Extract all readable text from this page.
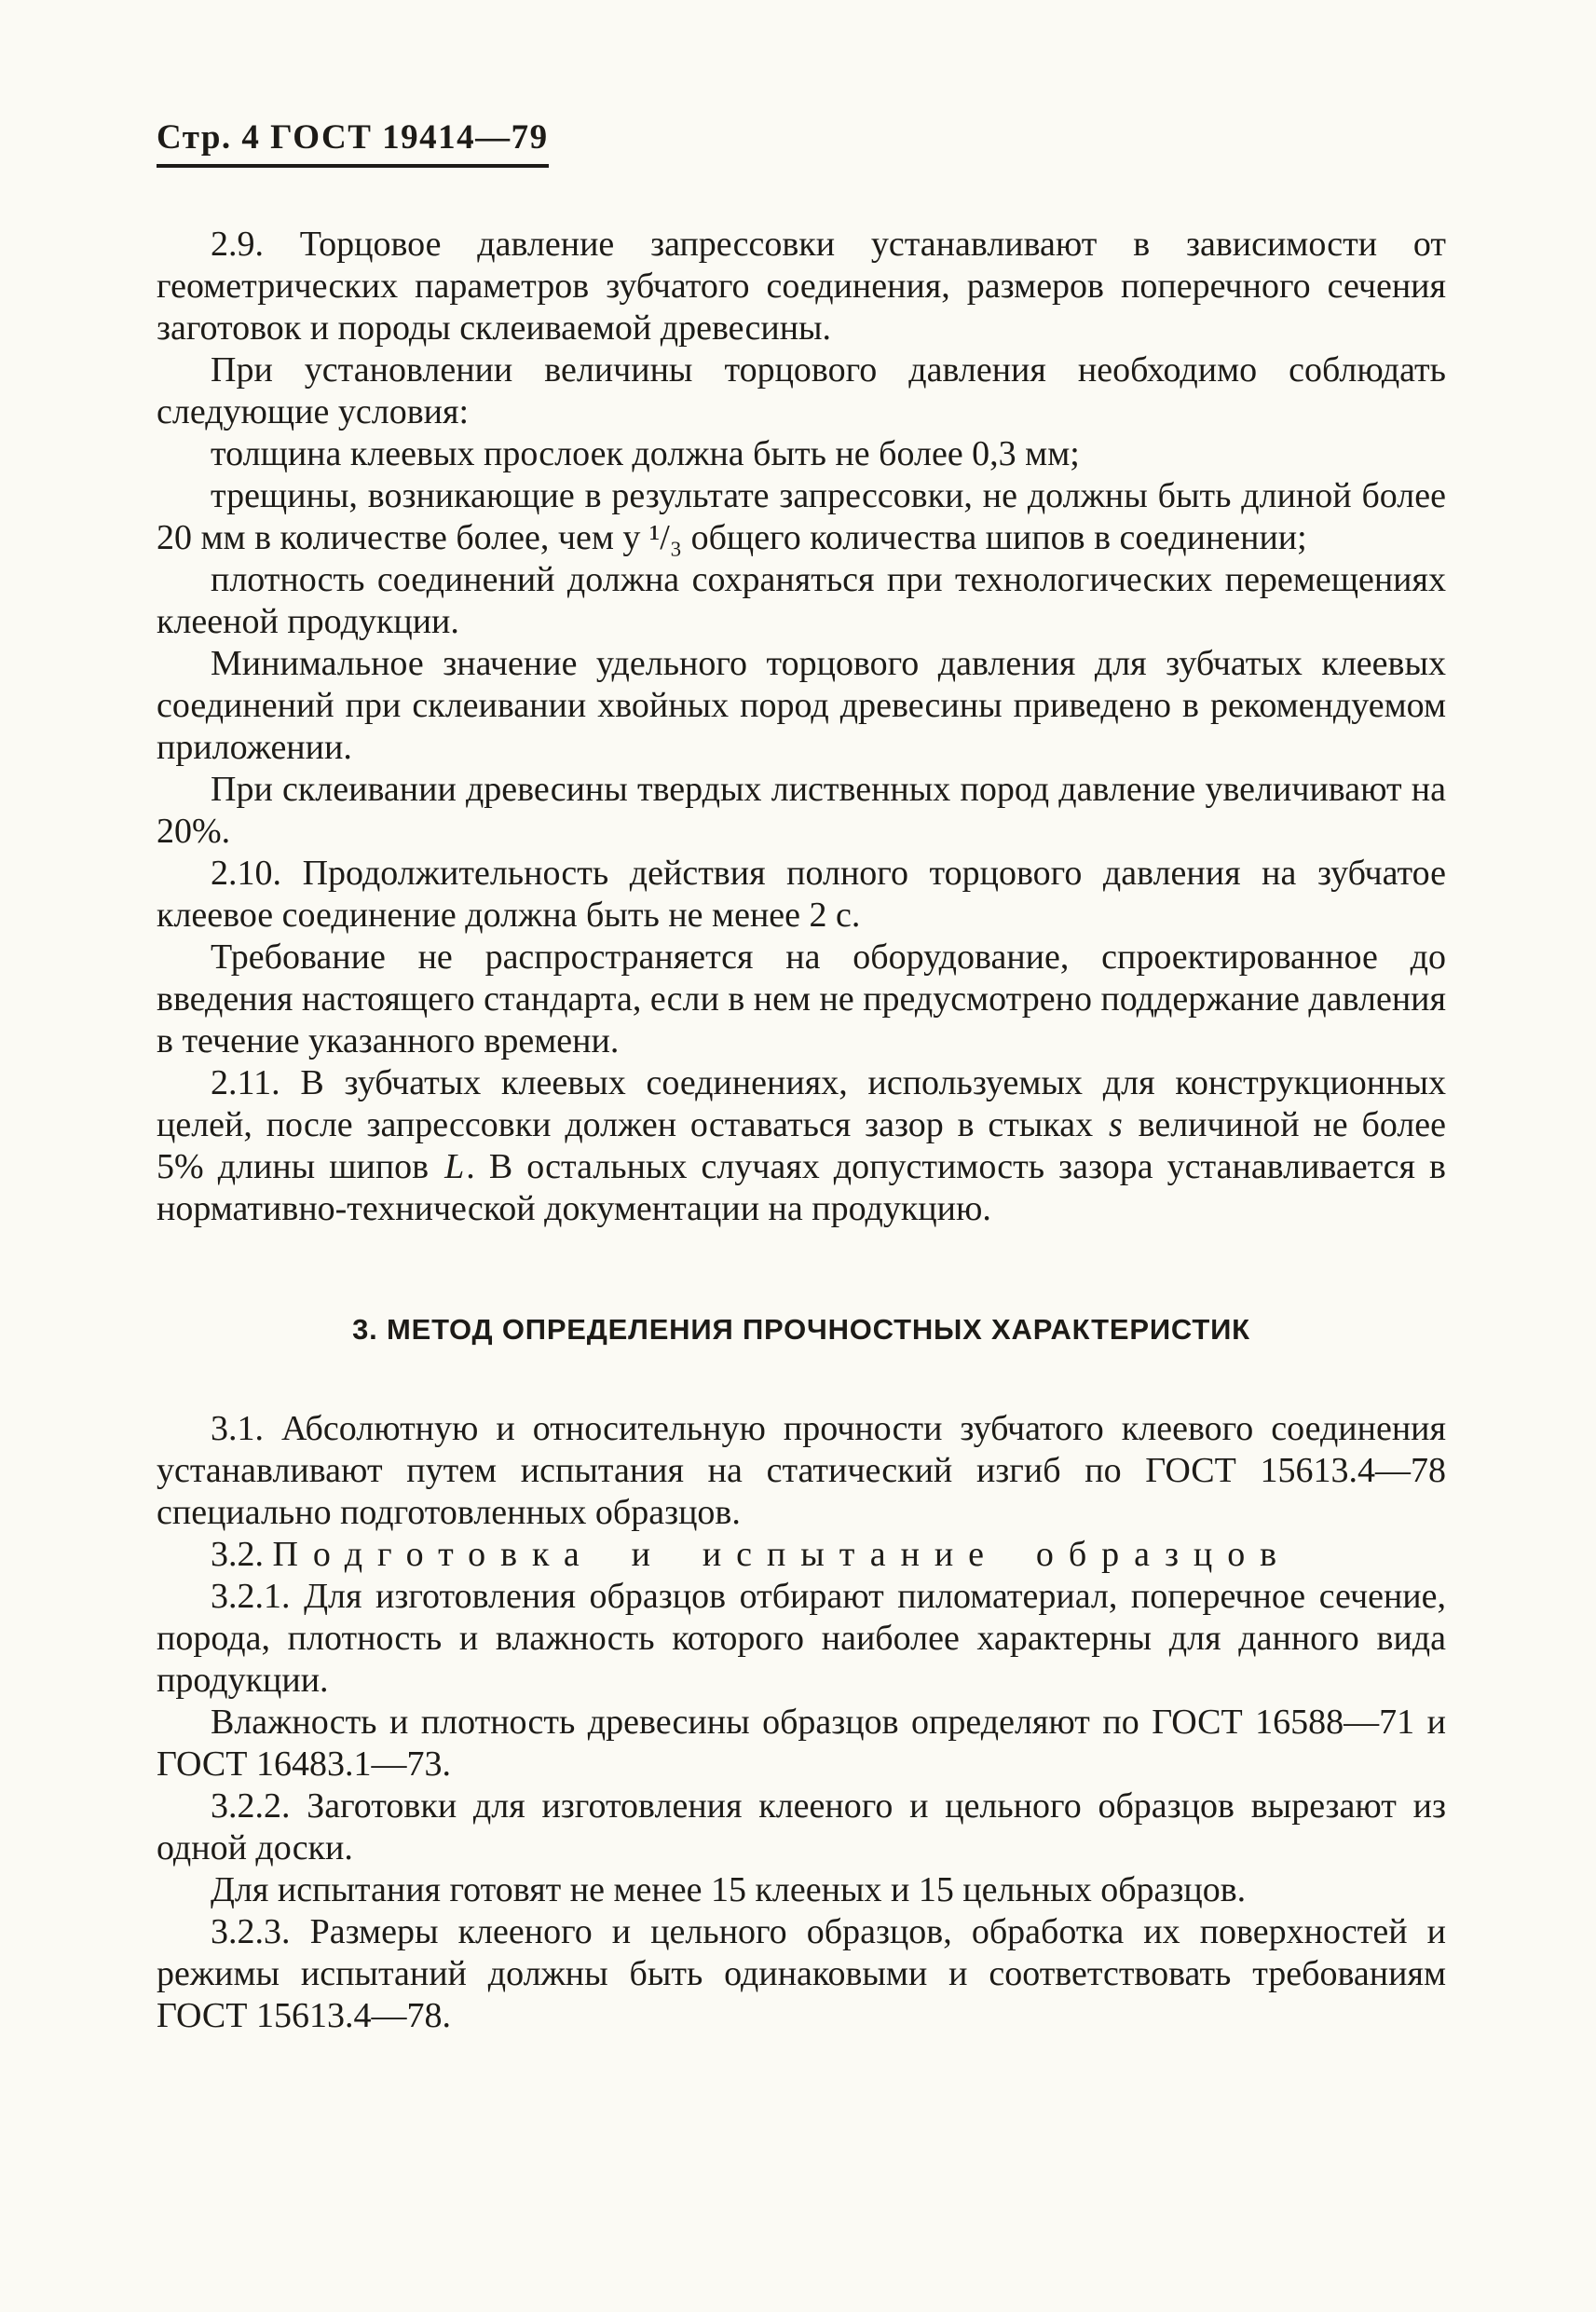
Стр. 4 ГОСТ 19414—79

2.9. Торцовое давление запрессовки устанавливают в зависимости от геометрических параметров зубчатого соединения, размеров поперечного сечения заготовок и породы склеиваемой древесины.

При установлении величины торцового давления необходимо соблюдать следующие условия:

толщина клеевых прослоек должна быть не более 0,3 мм;

трещины, возникающие в результате запрессовки, не должны быть длиной более 20 мм в количестве более, чем у ¹/₃ общего количества шипов в соединении;

плотность соединений должна сохраняться при технологических перемещениях клееной продукции.

Минимальное значение удельного торцового давления для зубчатых клеевых соединений при склеивании хвойных пород древесины приведено в рекомендуемом приложении.

При склеивании древесины твердых лиственных пород давление увеличивают на 20%.

2.10. Продолжительность действия полного торцового давления на зубчатое клеевое соединение должна быть не менее 2 с.

Требование не распространяется на оборудование, спроектированное до введения настоящего стандарта, если в нем не предусмотрено поддержание давления в течение указанного времени.

2.11. В зубчатых клеевых соединениях, используемых для конструкционных целей, после запрессовки должен оставаться зазор в стыках s величиной не более 5% длины шипов L. В остальных случаях допустимость зазора устанавливается в нормативно-технической документации на продукцию.

3. МЕТОД ОПРЕДЕЛЕНИЯ ПРОЧНОСТНЫХ ХАРАКТЕРИСТИК

3.1. Абсолютную и относительную прочности зубчатого клеевого соединения устанавливают путем испытания на статический изгиб по ГОСТ 15613.4—78 специально подготовленных образцов.

3.2. Подготовка и испытание образцов

3.2.1. Для изготовления образцов отбирают пиломатериал, поперечное сечение, порода, плотность и влажность которого наиболее характерны для данного вида продукции.

Влажность и плотность древесины образцов определяют по ГОСТ 16588—71 и ГОСТ 16483.1—73.

3.2.2. Заготовки для изготовления клееного и цельного образцов вырезают из одной доски.

Для испытания готовят не менее 15 клееных и 15 цельных образцов.

3.2.3. Размеры клееного и цельного образцов, обработка их поверхностей и режимы испытаний должны быть одинаковыми и соответствовать требованиям ГОСТ 15613.4—78.
